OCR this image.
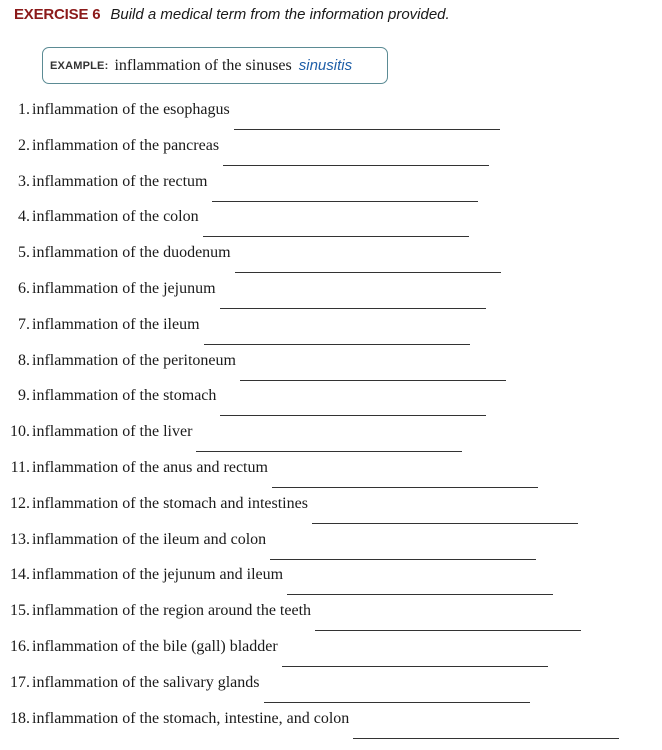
EXERCISE 6 Build a medical term from the information provided.
EXAMPLE: inflammation of the sinuses sinusitis
1. inflammation of the esophagus
2. inflammation of the pancreas
3. inflammation of the rectum
4. inflammation of the colon
5. inflammation of the duodenum
6. inflammation of the jejunum
7. inflammation of the ileum
8. inflammation of the peritoneum
9. inflammation of the stomach
10. inflammation of the liver
11. inflammation of the anus and rectum
12. inflammation of the stomach and intestines
13. inflammation of the ileum and colon
14. inflammation of the jejunum and ileum
15. inflammation of the region around the teeth
16. inflammation of the bile (gall) bladder
17. inflammation of the salivary glands
18. inflammation of the stomach, intestine, and colon
